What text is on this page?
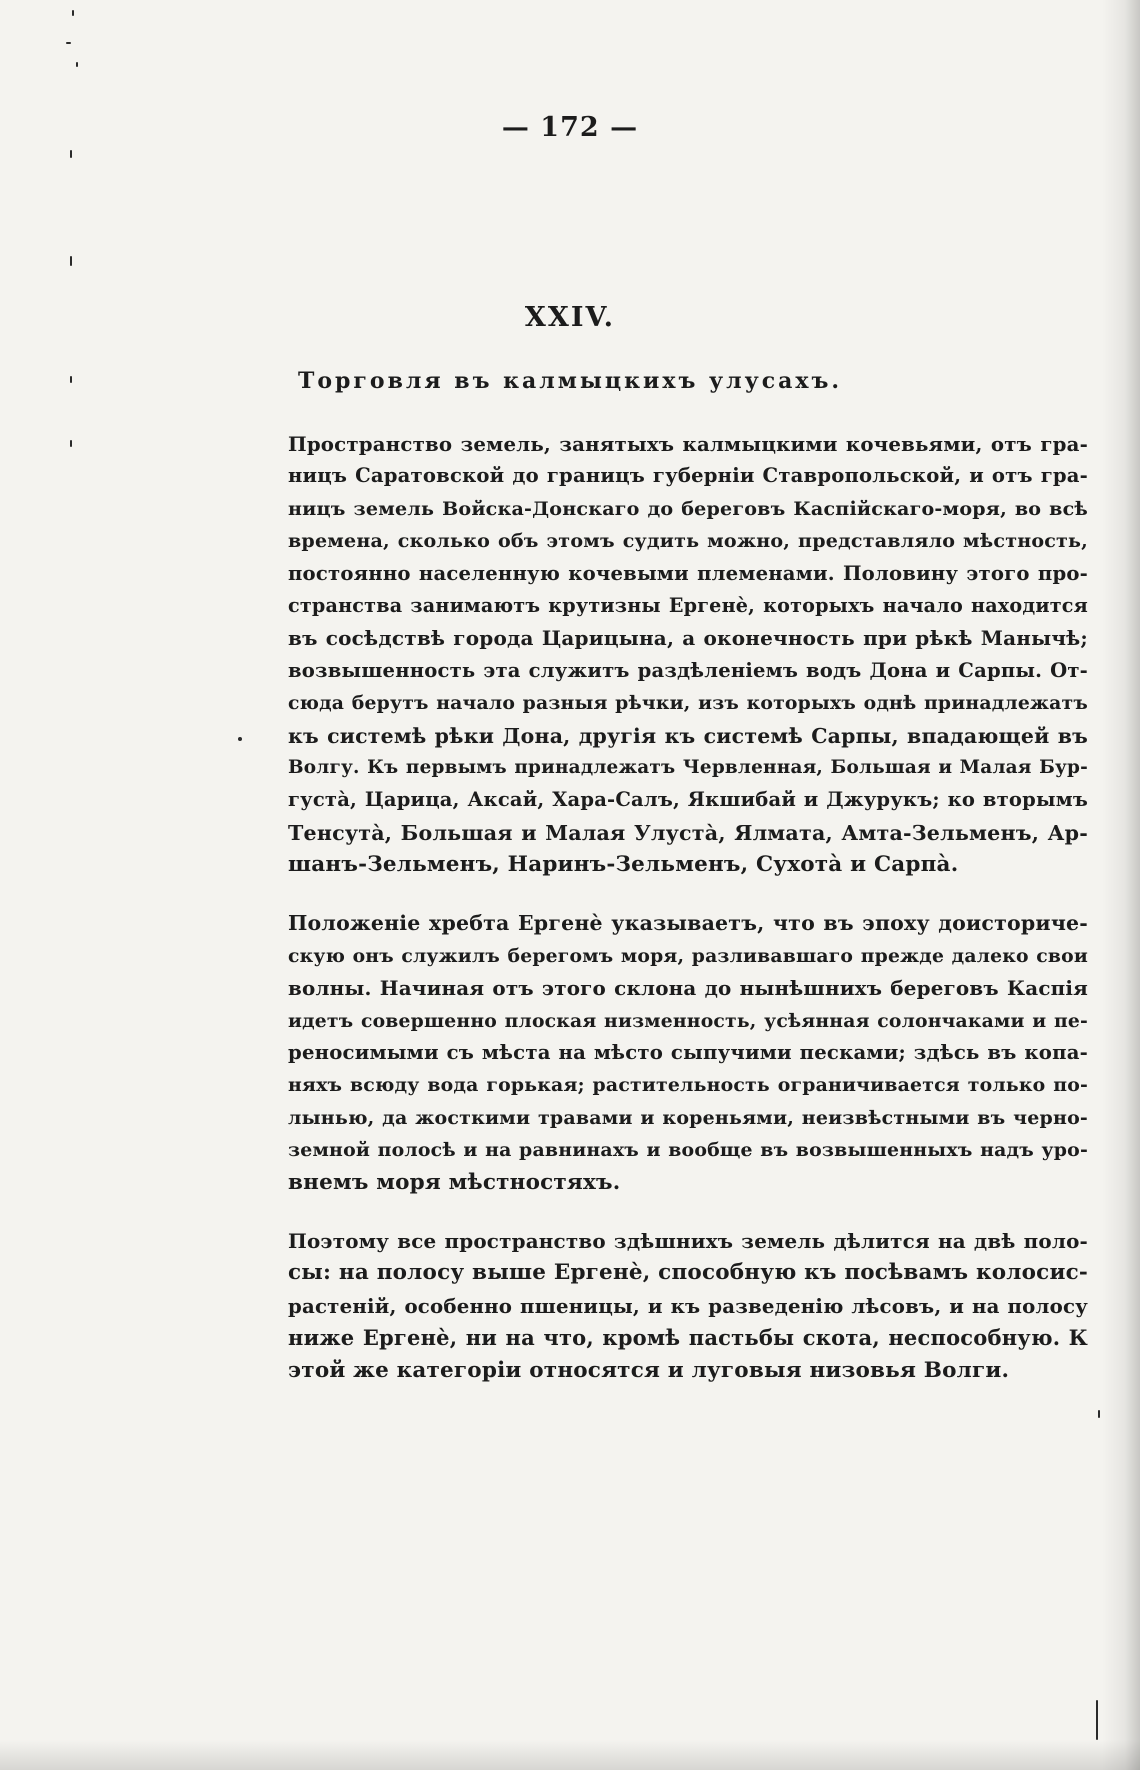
— 172 —
XXIV.
Торговля въ калмыцкихъ улусахъ.
Пространство земель, занятыхъ калмыцкими кочевьями, отъ гра-
ницъ Саратовской до границъ губерніи Ставропольской, и отъ гра-
ницъ земель Войска-Донскаго до береговъ Каспійскаго-моря, во всѣ
времена, сколько объ этомъ судить можно, представляло мѣстность,
постоянно населенную кочевыми племенами. Половину этого про-
странства занимаютъ крутизны Ергенѐ, которыхъ начало находится
въ сосѣдствѣ города Царицына, а оконечность при рѣкѣ Манычѣ;
возвышенность эта служитъ раздѣленіемъ водъ Дона и Сарпы. От-
сюда берутъ начало разныя рѣчки, изъ которыхъ однѣ принадлежатъ
къ системѣ рѣки Дона, другія къ системѣ Сарпы, впадающей въ
Волгу. Къ первымъ принадлежатъ Червленная, Большая и Малая Бур-
густа̀, Царица, Аксай, Хара-Салъ, Якшибай и Джурукъ; ко вторымъ
Тенсута̀, Большая и Малая Улуста̀, Ялмата, Амта-Зельменъ, Ар-
шанъ-Зельменъ, Наринъ-Зельменъ, Сухота̀ и Сарпа̀.
Положеніе хребта Ергенѐ указываетъ, что въ эпоху доисториче-
скую онъ служилъ берегомъ моря, разливавшаго прежде далеко свои
волны. Начиная отъ этого склона до нынѣшнихъ береговъ Каспія
идетъ совершенно плоская низменность, усѣянная солончаками и пе-
реносимыми съ мѣста на мѣсто сыпучими песками; здѣсь въ копа-
няхъ всюду вода горькая; растительность ограничивается только по-
лынью, да жосткими травами и кореньями, неизвѣстными въ черно-
земной полосѣ и на равнинахъ и вообще въ возвышенныхъ надъ уро-
внемъ моря мѣстностяхъ.
Поэтому все пространство здѣшнихъ земель дѣлится на двѣ поло-
сы: на полосу выше Ергенѐ, способную къ посѣвамъ колосис-
растеній, особенно пшеницы, и къ разведенію лѣсовъ, и на полосу
ниже Ергенѐ, ни на что, кромѣ пастьбы скота, неспособную. К
этой же категоріи относятся и луговыя низовья Волги.
